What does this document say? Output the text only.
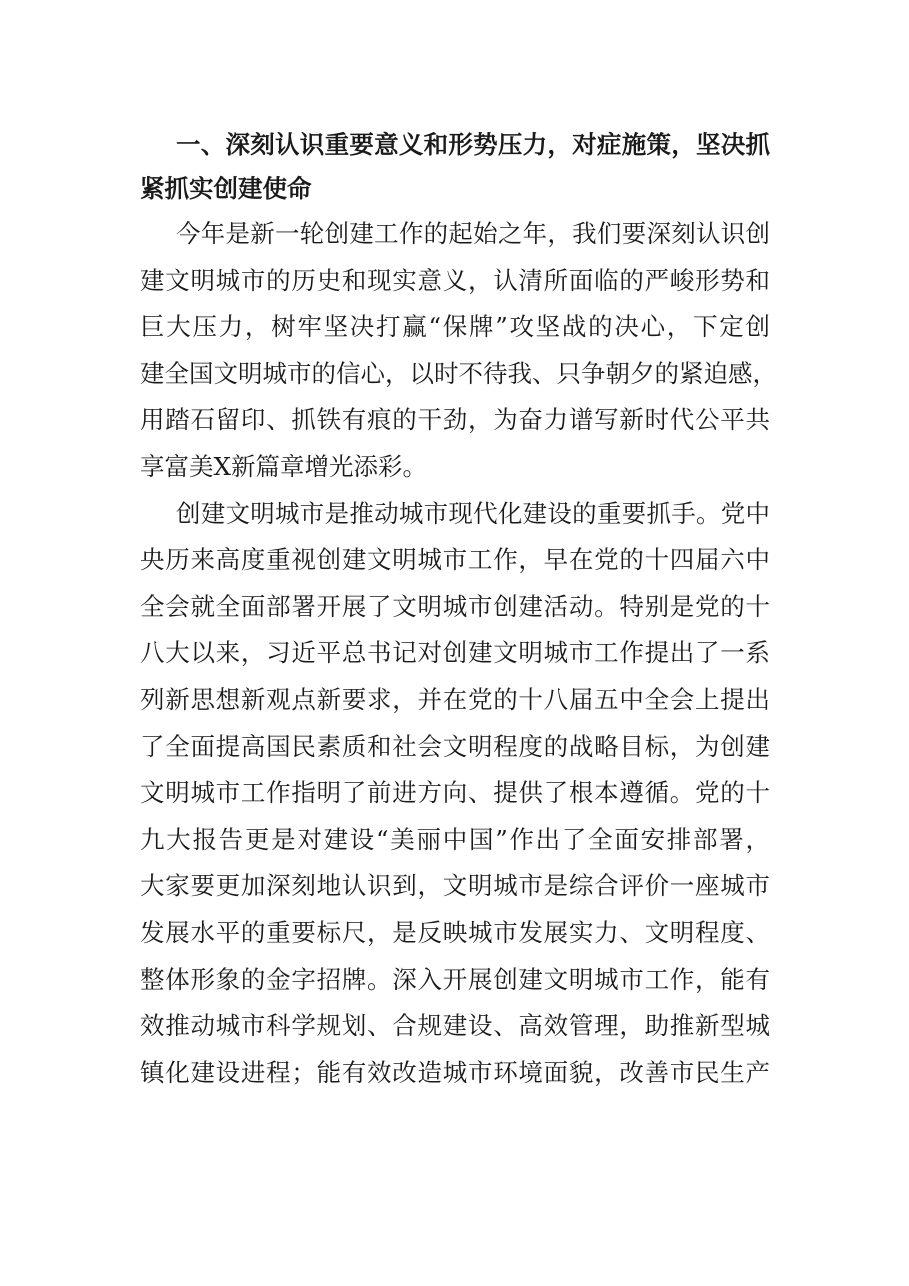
一、深刻认识重要意义和形势压力，对症施策，坚决抓
紧抓实创建使命
今年是新一轮创建工作的起始之年，我们要深刻认识创
建文明城市的历史和现实意义，认清所面临的严峻形势和
巨大压力，树牢坚决打赢“保牌”攻坚战的决心，下定创
建全国文明城市的信心，以时不待我、只争朝夕的紧迫感，
用踏石留印、抓铁有痕的干劲，为奋力谱写新时代公平共
享富美X新篇章增光添彩。
创建文明城市是推动城市现代化建设的重要抓手。党中
央历来高度重视创建文明城市工作，早在党的十四届六中
全会就全面部署开展了文明城市创建活动。特别是党的十
八大以来，习近平总书记对创建文明城市工作提出了一系
列新思想新观点新要求，并在党的十八届五中全会上提出
了全面提高国民素质和社会文明程度的战略目标，为创建
文明城市工作指明了前进方向、提供了根本遵循。党的十
九大报告更是对建设“美丽中国”作出了全面安排部署，
大家要更加深刻地认识到，文明城市是综合评价一座城市
发展水平的重要标尺，是反映城市发展实力、文明程度、
整体形象的金字招牌。深入开展创建文明城市工作，能有
效推动城市科学规划、合规建设、高效管理，助推新型城
镇化建设进程；能有效改造城市环境面貌，改善市民生产
